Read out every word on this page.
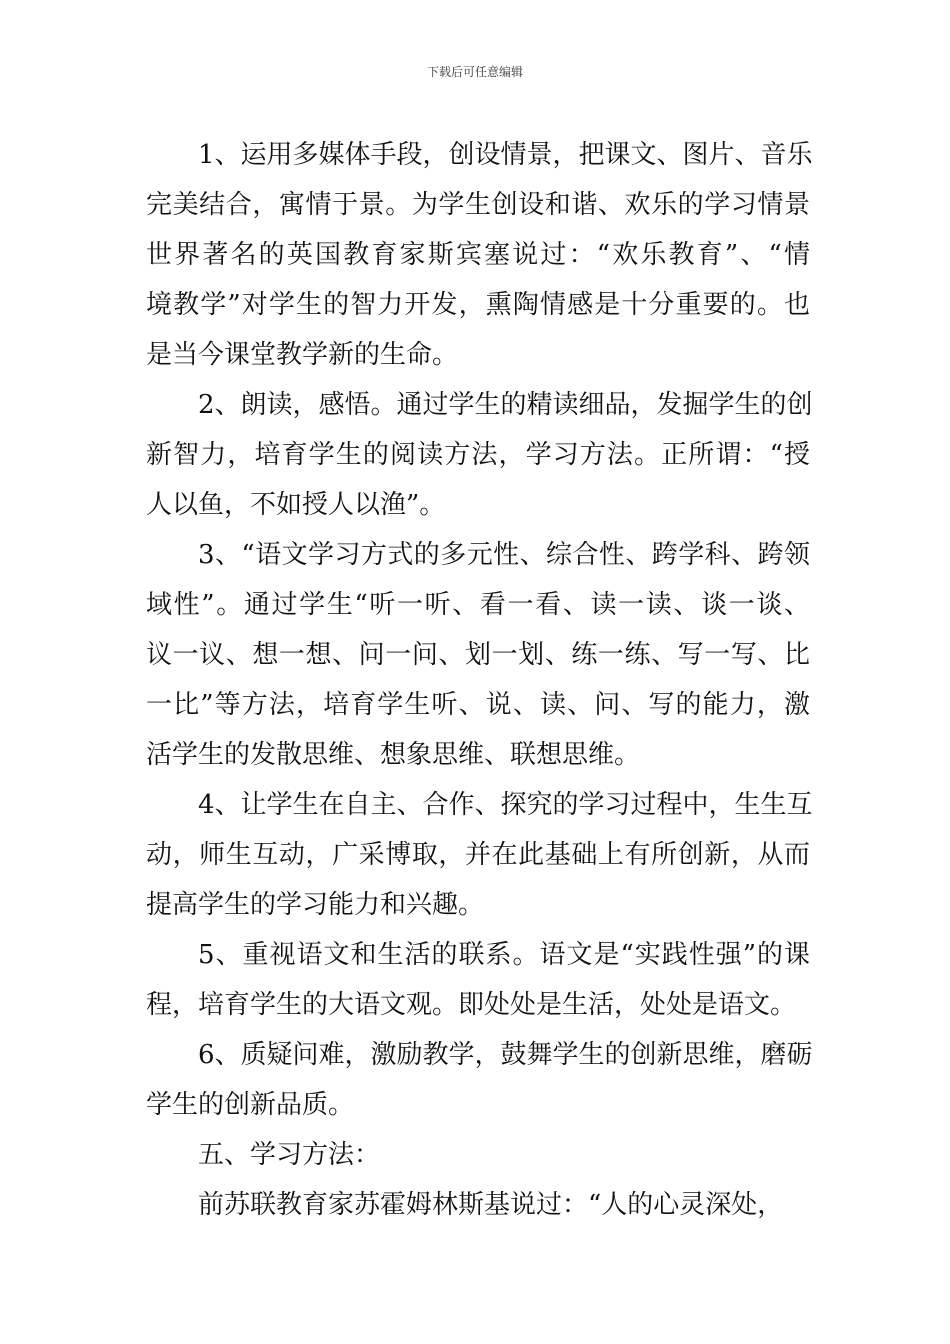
下载后可任意编辑
1、运用多媒体手段，创设情景，把课文、图片、音乐
完美结合，寓情于景。为学生创设和谐、欢乐的学习情景
世界著名的英国教育家斯宾塞说过：“欢乐教育”、“情
境教学”对学生的智力开发，熏陶情感是十分重要的。也
是当今课堂教学新的生命。
2、朗读，感悟。通过学生的精读细品，发掘学生的创
新智力，培育学生的阅读方法，学习方法。正所谓：“授
人以鱼，不如授人以渔”。
3、“语文学习方式的多元性、综合性、跨学科、跨领
域性”。通过学生“听一听、看一看、读一读、谈一谈、
议一议、想一想、问一问、划一划、练一练、写一写、比
一比”等方法，培育学生听、说、读、问、写的能力，激
活学生的发散思维、想象思维、联想思维。
4、让学生在自主、合作、探究的学习过程中，生生互
动，师生互动，广采博取，并在此基础上有所创新，从而
提高学生的学习能力和兴趣。
5、重视语文和生活的联系。语文是“实践性强”的课
程，培育学生的大语文观。即处处是生活，处处是语文。
6、质疑问难，激励教学，鼓舞学生的创新思维，磨砺
学生的创新品质。
五、学习方法：
前苏联教育家苏霍姆林斯基说过：“人的心灵深处，
